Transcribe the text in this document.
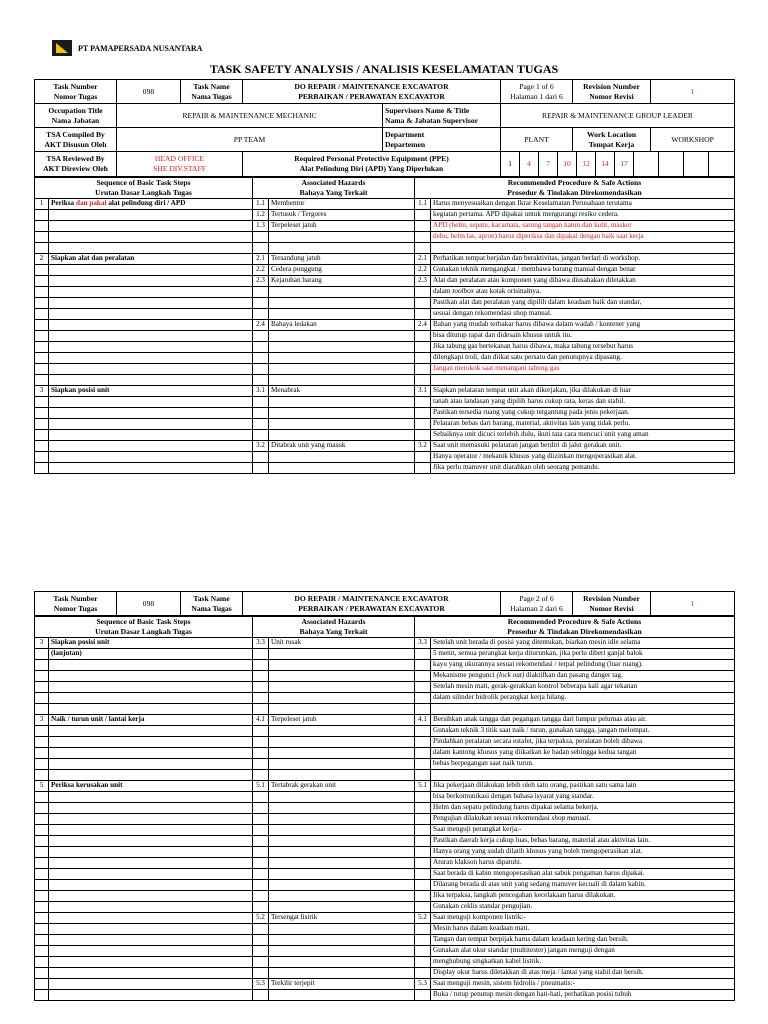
PT PAMAPERSADA NUSANTARA
TASK SAFETY ANALYSIS / ANALISIS KESELAMATAN TUGAS
Task Number
Nomor Tugas	098	Task Name
Nama Tugas	DO REPAIR / MAINTENANCE EXCAVATOR
PERBAIKAN / PERAWATAN EXCAVATOR	Page 1 of 6
Halaman 1 dari 6	Revision Number
Nomor Revisi	1
Occupation Title
Nama Jabatan	REPAIR & MAINTENANCE MECHANIC	Supervisors Name & Title
Nama & Jabatan Supervisor	REPAIR & MAINTENANCE GROUP LEADER
TSA Compiled By
AKT Disusun Oleh	PP TEAM	Department
Departemen	PLANT	Work Location
Tempat Kerja	WORKSHOP
TSA Reviewed By
AKT Direview Oleh	HEAD OFFICE
SHE DIV.STAFF	Required Personal Protective Equipment (PPE)
Alat Pelindung Diri (APD) Yang Diperlukan	
1	4	7	10	12	14	17				
Sequence of Basic Task Steps
Urutan Dasar Langkah Tugas		Associated Hazards
Bahaya Yang Terkait		Recommended Procedure & Safe Actions
Prosedur & Tindakan Direkomendasikan	
1	Periksa dan pakai alat pelindung diri / APD	1.1	Membentur	1.1	Harus menyesuaikan dengan Ikrar Keselamatan Perusahaan terutama
		1.2	Tertusuk / Tergores		kegiatan pertama. APD dipakai untuk mengurangi resiko cedera.
		1.3	Terpeleset jatuh		APD (helm, sepatu, kacamata, sarung tangan katun dan kulit, masker
					debu, helm las, apron) harus diperiksa dan dipakai dengan baik saat kerja

2	Siapkan alat dan peralatan	2.1	Tersandung jatuh	2.1	Perhatikan tempat berjalan dan beraktivitas, jangan berlari di workshop.
		2.2	Cedera punggung	2.2	Gunakan teknik mengangkat / membawa barang manual dengan benar
		2.3	Kejatuhan barang	2.3	Alat dan peralatan atau komponen yang dibawa diusahakan diletakkan
					dalam toolbox atau kotak orisinalnya.
					Pastikan alat dan peralatan yang dipilih dalam keadaan baik dan standar,
					sesuai dengan rekomendasi shop manual.
		2.4	Bahaya ledakan	2.4	Bahan yang mudah terbakar harus dibawa dalam wadah / kontener yang
					bisa ditutup rapat dan didesain khusus untuk itu.
					Jika tabung gas bertekanan harus dibawa, maka tabung tersebut harus
					dilengkapi troli, dan diikat satu persatu dan penutupnya dipasang.
					Jangan merokok saat menangani tabung gas

3	Siapkan posisi unit	3.1	Menabrak	3.1	Siapkan pelataran tempat unit akan dikerjakan, jika dilakukan di luar
					tanah atau landasan yang dipilih harus cukup rata, keras dan stabil.
					Pastikan tersedia ruang yang cukup tergantung pada jenis pekerjaan.
					Pelataran bebas dari barang, material, aktivitas lain yang tidak perlu.
					Sebaiknya unit dicuci terlebih dulu, ikuti tata cara mencuci unit yang aman
		3.2	Ditabrak unit yang masuk	3.2	Saat unit memasuki pelataran jangan berdiri di jalur gerakan unit.
					Hanya operator / mekanik khusus yang diizinkan mengoperasikan alat.
					Jika perlu manuver unit diarahkan oleh seorang pemandu.
Task Number
Nomor Tugas	098	Task Name
Nama Tugas	DO REPAIR / MAINTENANCE EXCAVATOR
PERBAIKAN / PERAWATAN EXCAVATOR	Page 2 of 6
Halaman 2 dari 6	Revision Number
Nomor Revisi	1
Sequence of Basic Task Steps
Urutan Dasar Langkah Tugas		Associated Hazards
Bahaya Yang Terkait		Recommended Procedure & Safe Actions
Prosedur & Tindakan Direkomendasikan	
3	Siapkan posisi unit	3.3	Unit rusak	3.3	Setelah unit berada di posisi yang ditentukan, biarkan mesin idle selama
	(lanjutan)				5 menit, semua perangkat kerja diturunkan, jika perlu diberi ganjal balok
					kayu yang ukurannya sesuai rekomendasi / terpal pelindung (luar ruang).
					Mekanisme pengunci (lock out) diaktifkan dan pasang danger tag.
					Setelah mesin mati, gerak-gerakkan kontrol beberapa kali agar tekanan
					dalam silinder hidrolik perangkat kerja hilang.

3	Naik / turun unit / lantai kerja	4.1	Terpeleset jatuh	4.1	Bersihkan anak tangga dan pegangan tangga dari lumpur pelumas atau air.
					Gunakan teknik 3 titik saat naik / turun, gunakan tangga, jangan melompat.
					Pindahkan peralatan secara estafet, jika terpaksa, peralatan boleh dibawa
					dalam kantong khusus yang diikatkan ke badan sehingga kedua tangan
					bebas berpegangan saat naik turun.

5	Periksa kerusakan unit	5.1	Tertabrak gerakan unit	5.1	Jika pekerjaan dilakukan lebih oleh satu orang, pastikan satu sama lain
					bisa berkomunikasi dengan bahasa isyarat yang standar.
					Helm dan sepatu pelindung harus dipakai selama bekerja.
					Pengujian dilakukan sesuai rekomendasi shop manual.
					Saat menguji perangkat kerja:-
					Pastikan daerah kerja cukup luas, bebas barang, material atau aktivitas lain.
					Hanya orang yang sudah dilatih khusus yang boleh mengoperasikan alat.
					Aturan klakson harus dipatuhi.
					Saat berada di kabin mengoperasikan alat sabuk pengaman harus dipakai.
					Dilarang berada di atas unit yang sedang manuver kecuali di dalam kabin.
					Jika terpaksa, langkah pencegahan kecelakaan harus dilakukan.
					Gunakan ceklis standar pengujian.
		5.2	Tersengat listrik	5.2	Saat menguji komponen listrik:-
					Mesin harus dalam keadaan mati.
					Tangan dan tempat berpijak harus dalam keadaan kering dan bersih.
					Gunakan alat ukur standar (multitester) jangan menguji dengan
					menghubung singkatkan kabel listrik.
					Display ukur harus diletakkan di atas meja / lantai yang stabil dan bersih.
		5.3	Terkilir terjepit	5.3	Saat menguji mesin, sistem hidrolis / pneumatis:-
					Buka / tutup penutup mesin dengan hati-hati, perhatikan posisi tubuh
